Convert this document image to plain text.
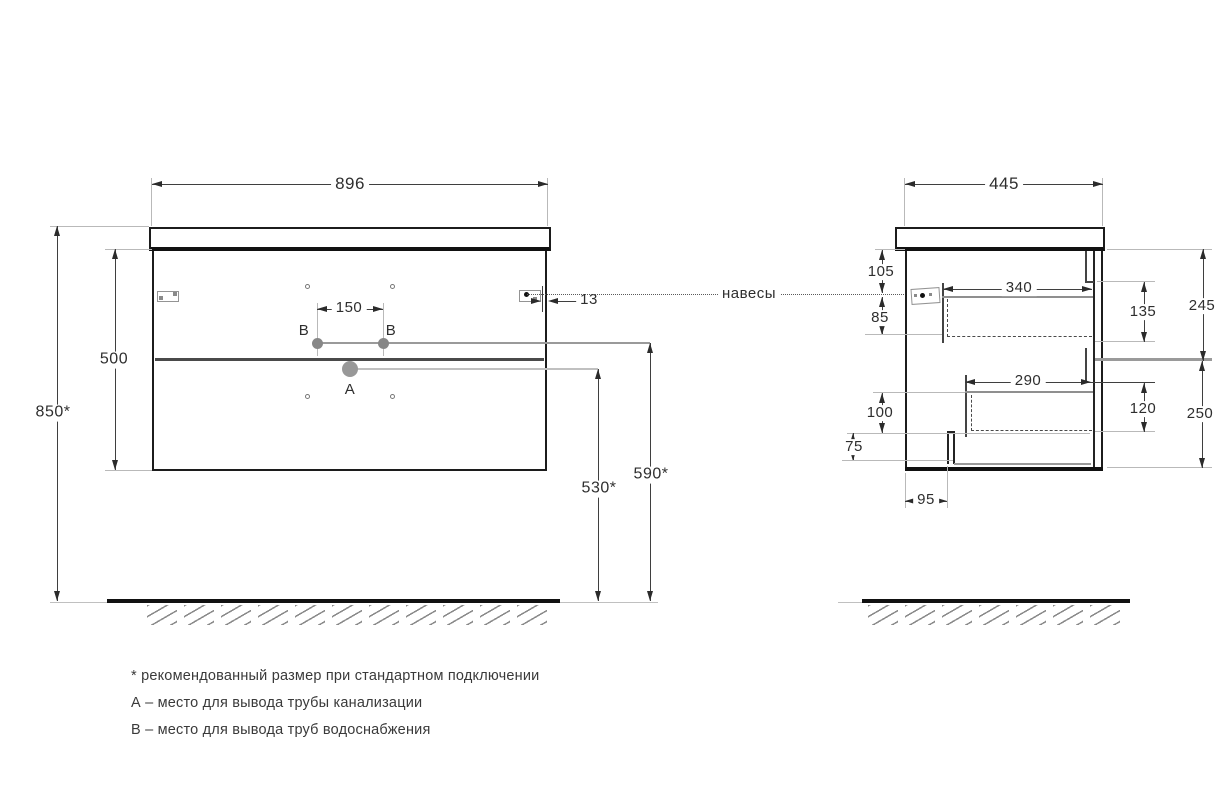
896
850*
500
150
B	B
A
13
530*
590*
навесы
445
105
85
340
135 245
290
120 250
100
75
95
* рекомендованный размер при стандартном подключении
А – место для вывода трубы канализации
В – место для вывода труб водоснабжения
